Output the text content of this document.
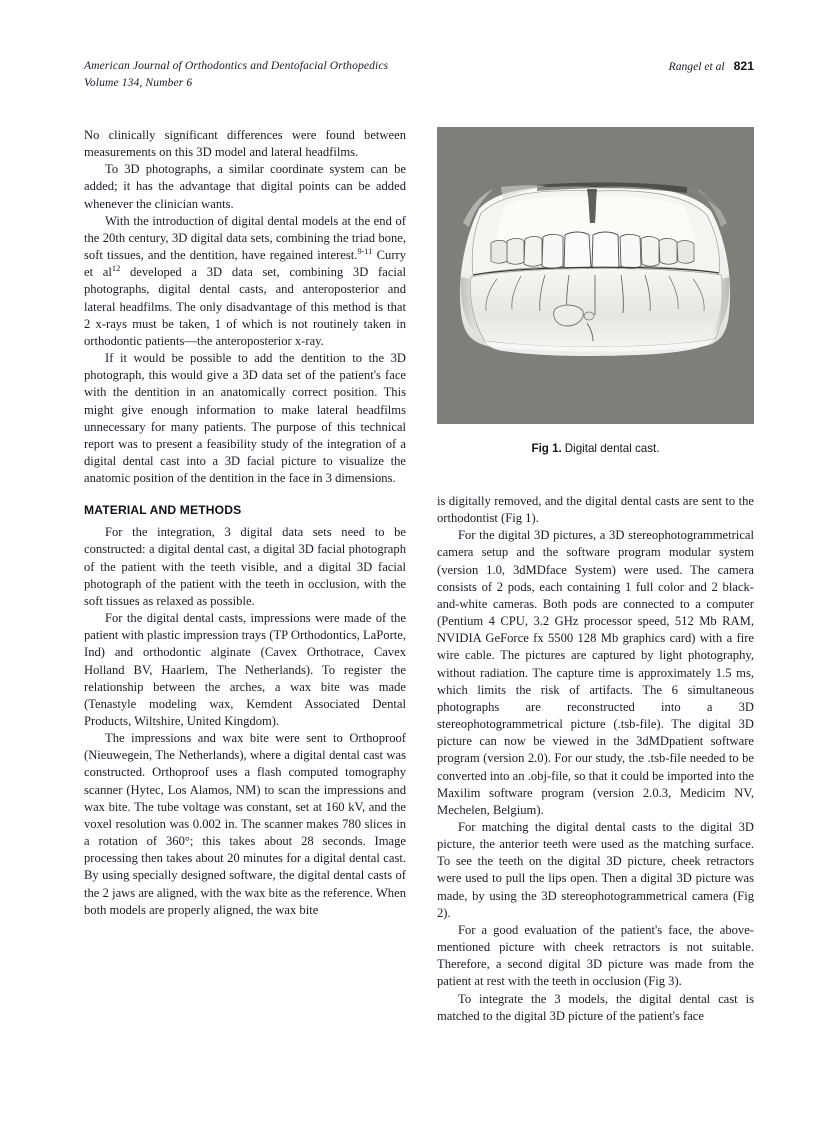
American Journal of Orthodontics and Dentofacial Orthopedics
Volume 134, Number 6
Rangel et al 821

No clinically significant differences were found between measurements on this 3D model and lateral headfilms.

To 3D photographs, a similar coordinate system can be added; it has the advantage that digital points can be added whenever the clinician wants.

With the introduction of digital dental models at the end of the 20th century, 3D digital data sets, combining the triad bone, soft tissues, and the dentition, have regained interest.$^{9-11}$ Curry et $al^{12}$ developed a 3D data set, combining 3D facial photographs, digital dental casts, and anteroposterior and lateral headfilms. The only disadvantage of this method is that 2 x-rays must be taken, 1 of which is not routinely taken in orthodontic patients—the anteroposterior x-ray.

If it would be possible to add the dentition to the 3D photograph, this would give a 3D data set of the patient's face with the dentition in an anatomically correct position. This might give enough information to make lateral headfilms unnecessary for many patients. The purpose of this technical report was to present a feasibility study of the integration of a digital dental cast into a 3D facial picture to visualize the anatomic position of the dentition in the face in 3 dimensions.

MATERIAL AND METHODS

For the integration, 3 digital data sets need to be constructed: a digital dental cast, a digital 3D facial photograph of the patient with the teeth visible, and a digital 3D facial photograph of the patient with the teeth in occlusion, with the soft tissues as relaxed as possible.

For the digital dental casts, impressions were made of the patient with plastic impression trays (TP Orthodontics, LaPorte, Ind) and orthodontic alginate (Cavex Orthotrace, Cavex Holland BV, Haarlem, The Netherlands). To register the relationship between the arches, a wax bite was made (Tenastyle modeling wax, Kemdent Associated Dental Products, Wiltshire, United Kingdom).

The impressions and wax bite were sent to Orthoproof (Nieuwegein, The Netherlands), where a digital dental cast was constructed. Orthoproof uses a flash computed tomography scanner (Hytec, Los Alamos, NM) to scan the impressions and wax bite. The tube voltage was constant, set at 160 kV, and the voxel resolution was 0.002 in. The scanner makes 780 slices in a rotation of 360°; this takes about 28 seconds. Image processing then takes about 20 minutes for a digital dental cast. By using specially designed software, the digital dental casts of the 2 jaws are aligned, with the wax bite as the reference. When both models are properly aligned, the wax bite

Fig 1. Digital dental cast.

is digitally removed, and the digital dental casts are sent to the orthodontist (Fig 1).

For the digital 3D pictures, a 3D stereophotogrammetrical camera setup and the software program modular system (version 1.0, 3dMDface System) were used. The camera consists of 2 pods, each containing 1 full color and 2 black-and-white cameras. Both pods are connected to a computer (Pentium 4 CPU, 3.2 GHz processor speed, 512 Mb RAM, NVIDIA GeForce fx 5500 128 Mb graphics card) with a fire wire cable. The pictures are captured by light photography, without radiation. The capture time is approximately 1.5 ms, which limits the risk of artifacts. The 6 simultaneous photographs are reconstructed into a 3D stereophotogrammetrical picture (.tsb-file). The digital 3D picture can now be viewed in the 3dMDpatient software program (version 2.0). For our study, the .tsb-file needed to be converted into an .obj-file, so that it could be imported into the Maxilim software program (version 2.0.3, Medicim NV, Mechelen, Belgium).

For matching the digital dental casts to the digital 3D picture, the anterior teeth were used as the matching surface. To see the teeth on the digital 3D picture, cheek retractors were used to pull the lips open. Then a digital 3D picture was made, by using the 3D stereophotogrammetrical camera (Fig 2).

For a good evaluation of the patient's face, the above-mentioned picture with cheek retractors is not suitable. Therefore, a second digital 3D picture was made from the patient at rest with the teeth in occlusion (Fig 3).

To integrate the 3 models, the digital dental cast is matched to the digital 3D picture of the patient's face
